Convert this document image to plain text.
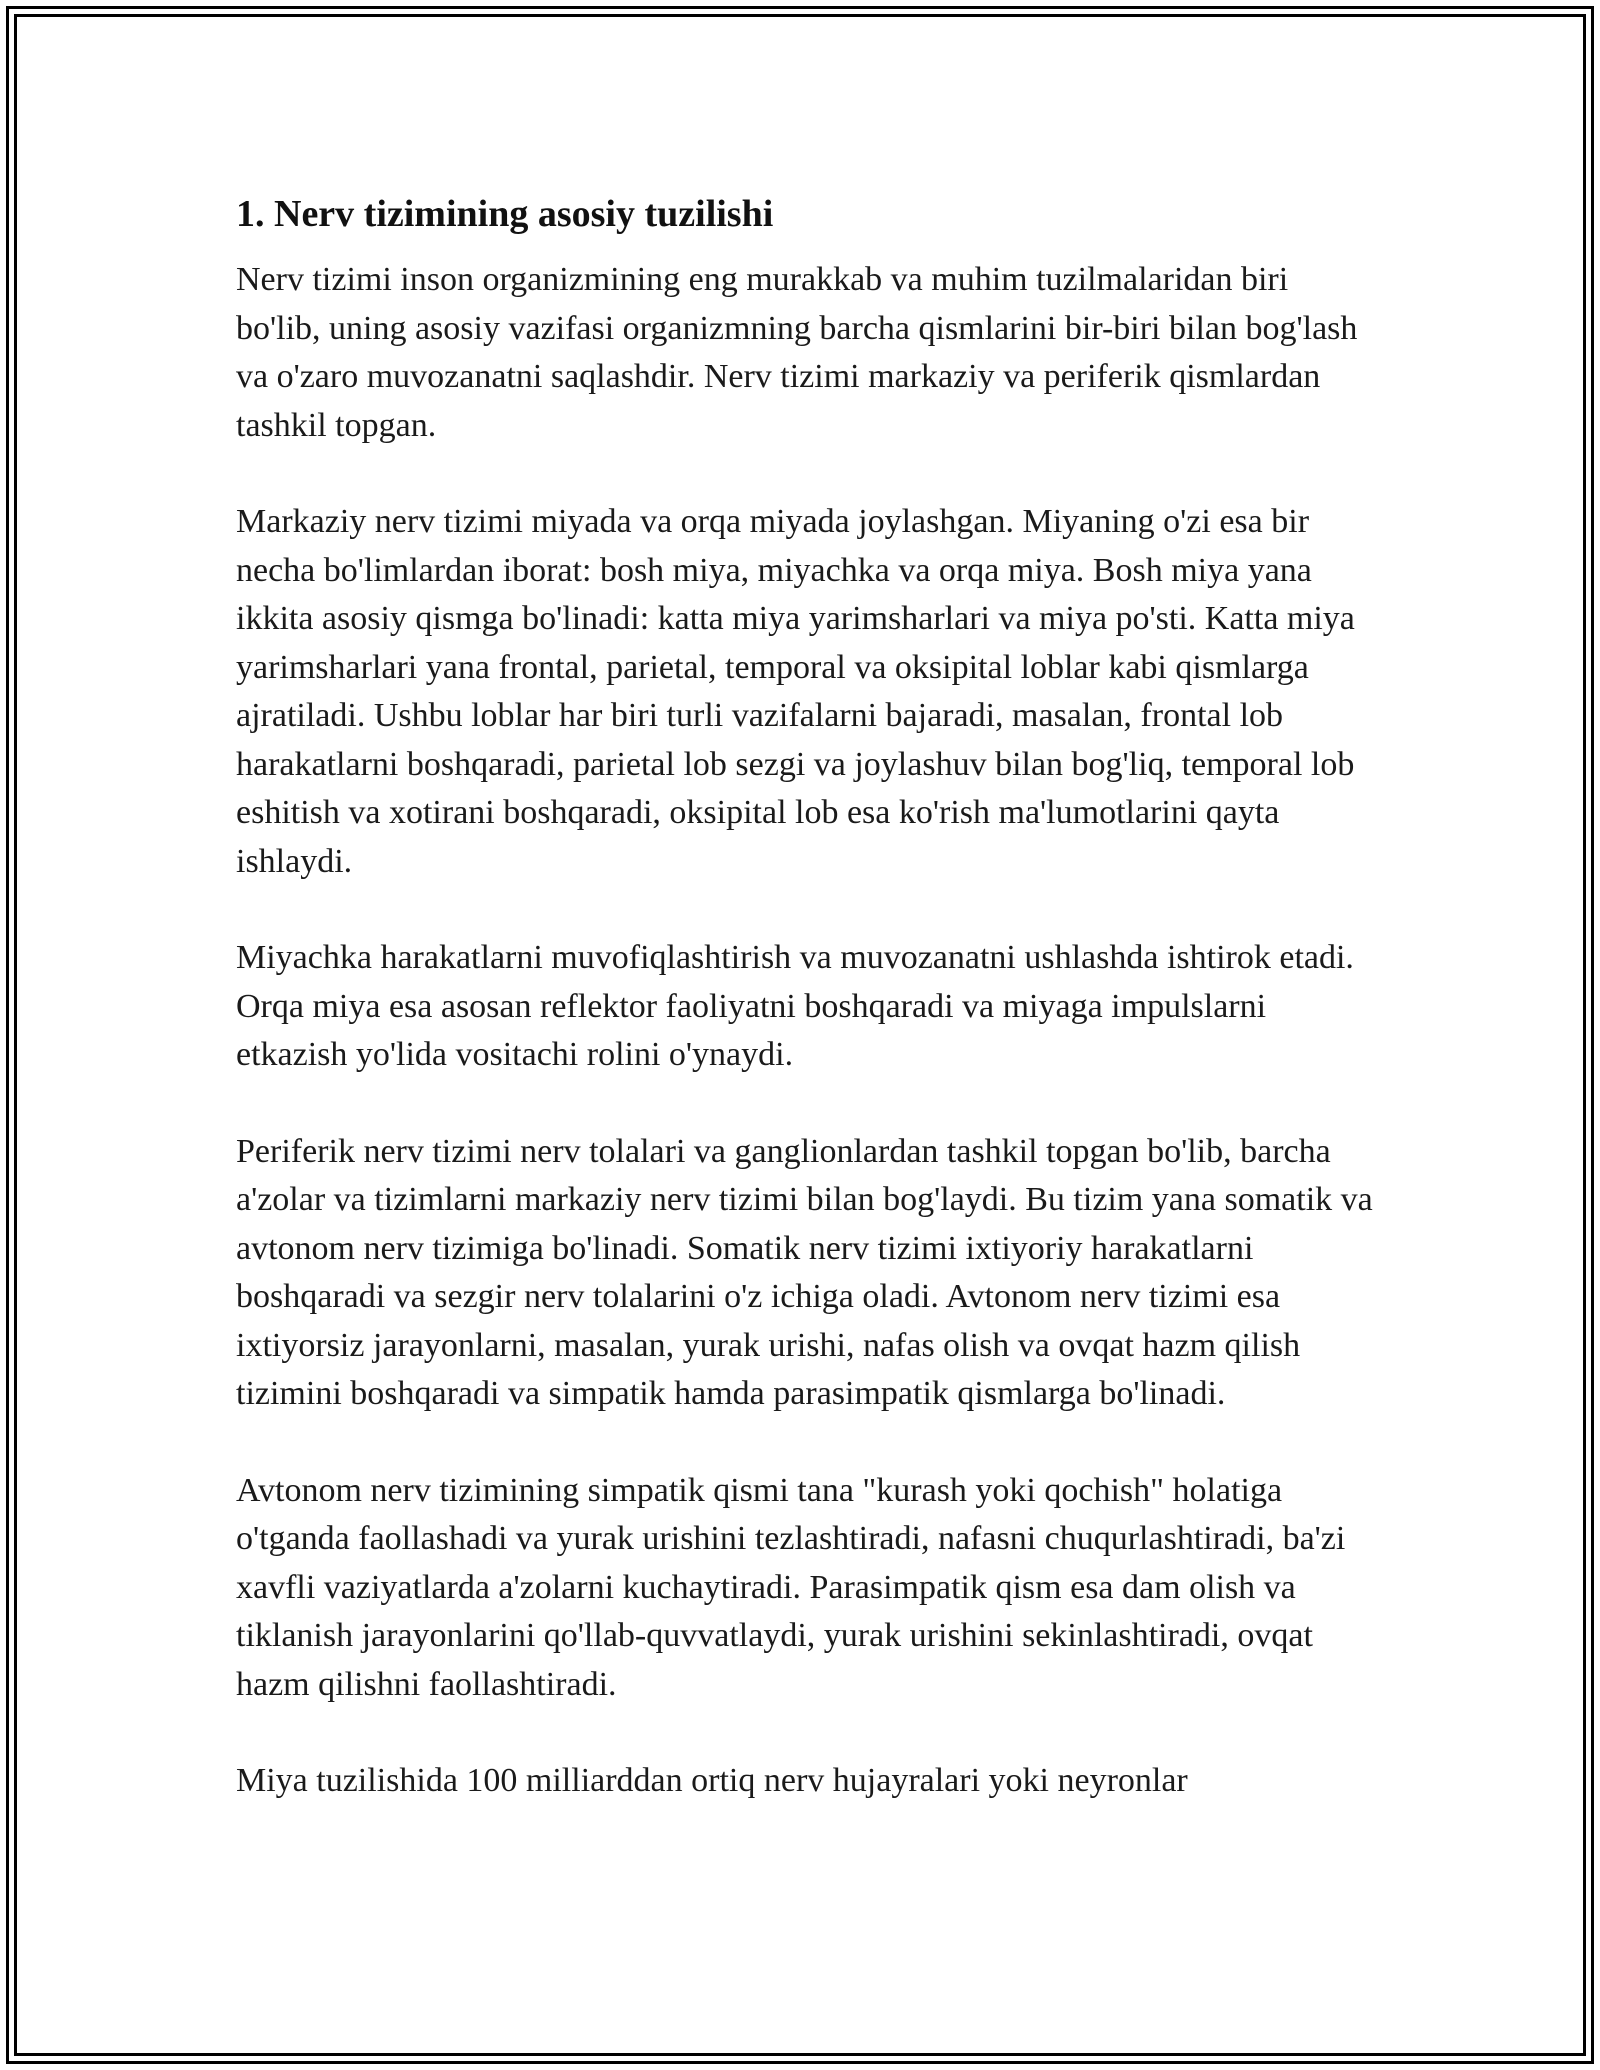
1. Nerv tizimining asosiy tuzilishi

Nerv tizimi inson organizmining eng murakkab va muhim tuzilmalaridan biri bo'lib, uning asosiy vazifasi organizmning barcha qismlarini bir-biri bilan bog'lash va o'zaro muvozanatni saqlashdir. Nerv tizimi markaziy va periferik qismlardan tashkil topgan.

Markaziy nerv tizimi miyada va orqa miyada joylashgan. Miyaning o'zi esa bir necha bo'limlardan iborat: bosh miya, miyachka va orqa miya. Bosh miya yana ikkita asosiy qismga bo'linadi: katta miya yarimsharlari va miya po'sti. Katta miya yarimsharlari yana frontal, parietal, temporal va oksipital loblar kabi qismlarga ajratiladi. Ushbu loblar har biri turli vazifalarni bajaradi, masalan, frontal lob harakatlarni boshqaradi, parietal lob sezgi va joylashuv bilan bog'liq, temporal lob eshitish va xotirani boshqaradi, oksipital lob esa ko'rish ma'lumotlarini qayta ishlaydi.

Miyachka harakatlarni muvofiqlashtirish va muvozanatni ushlashda ishtirok etadi. Orqa miya esa asosan reflektor faoliyatni boshqaradi va miyaga impulslarni etkazish yo'lida vositachi rolini o'ynaydi.

Periferik nerv tizimi nerv tolalari va ganglionlardan tashkil topgan bo'lib, barcha a'zolar va tizimlarni markaziy nerv tizimi bilan bog'laydi. Bu tizim yana somatik va avtonom nerv tizimiga bo'linadi. Somatik nerv tizimi ixtiyoriy harakatlarni boshqaradi va sezgir nerv tolalarini o'z ichiga oladi. Avtonom nerv tizimi esa ixtiyorsiz jarayonlarni, masalan, yurak urishi, nafas olish va ovqat hazm qilish tizimini boshqaradi va simpatik hamda parasimpatik qismlarga bo'linadi.

Avtonom nerv tizimining simpatik qismi tana "kurash yoki qochish" holatiga o'tganda faollashadi va yurak urishini tezlashtiradi, nafasni chuqurlashtiradi, ba'zi xavfli vaziyatlarda a'zolarni kuchaytiradi. Parasimpatik qism esa dam olish va tiklanish jarayonlarini qo'llab-quvvatlaydi, yurak urishini sekinlashtiradi, ovqat hazm qilishni faollashtiradi.

Miya tuzilishida 100 milliarddan ortiq nerv hujayralari yoki neyronlar
